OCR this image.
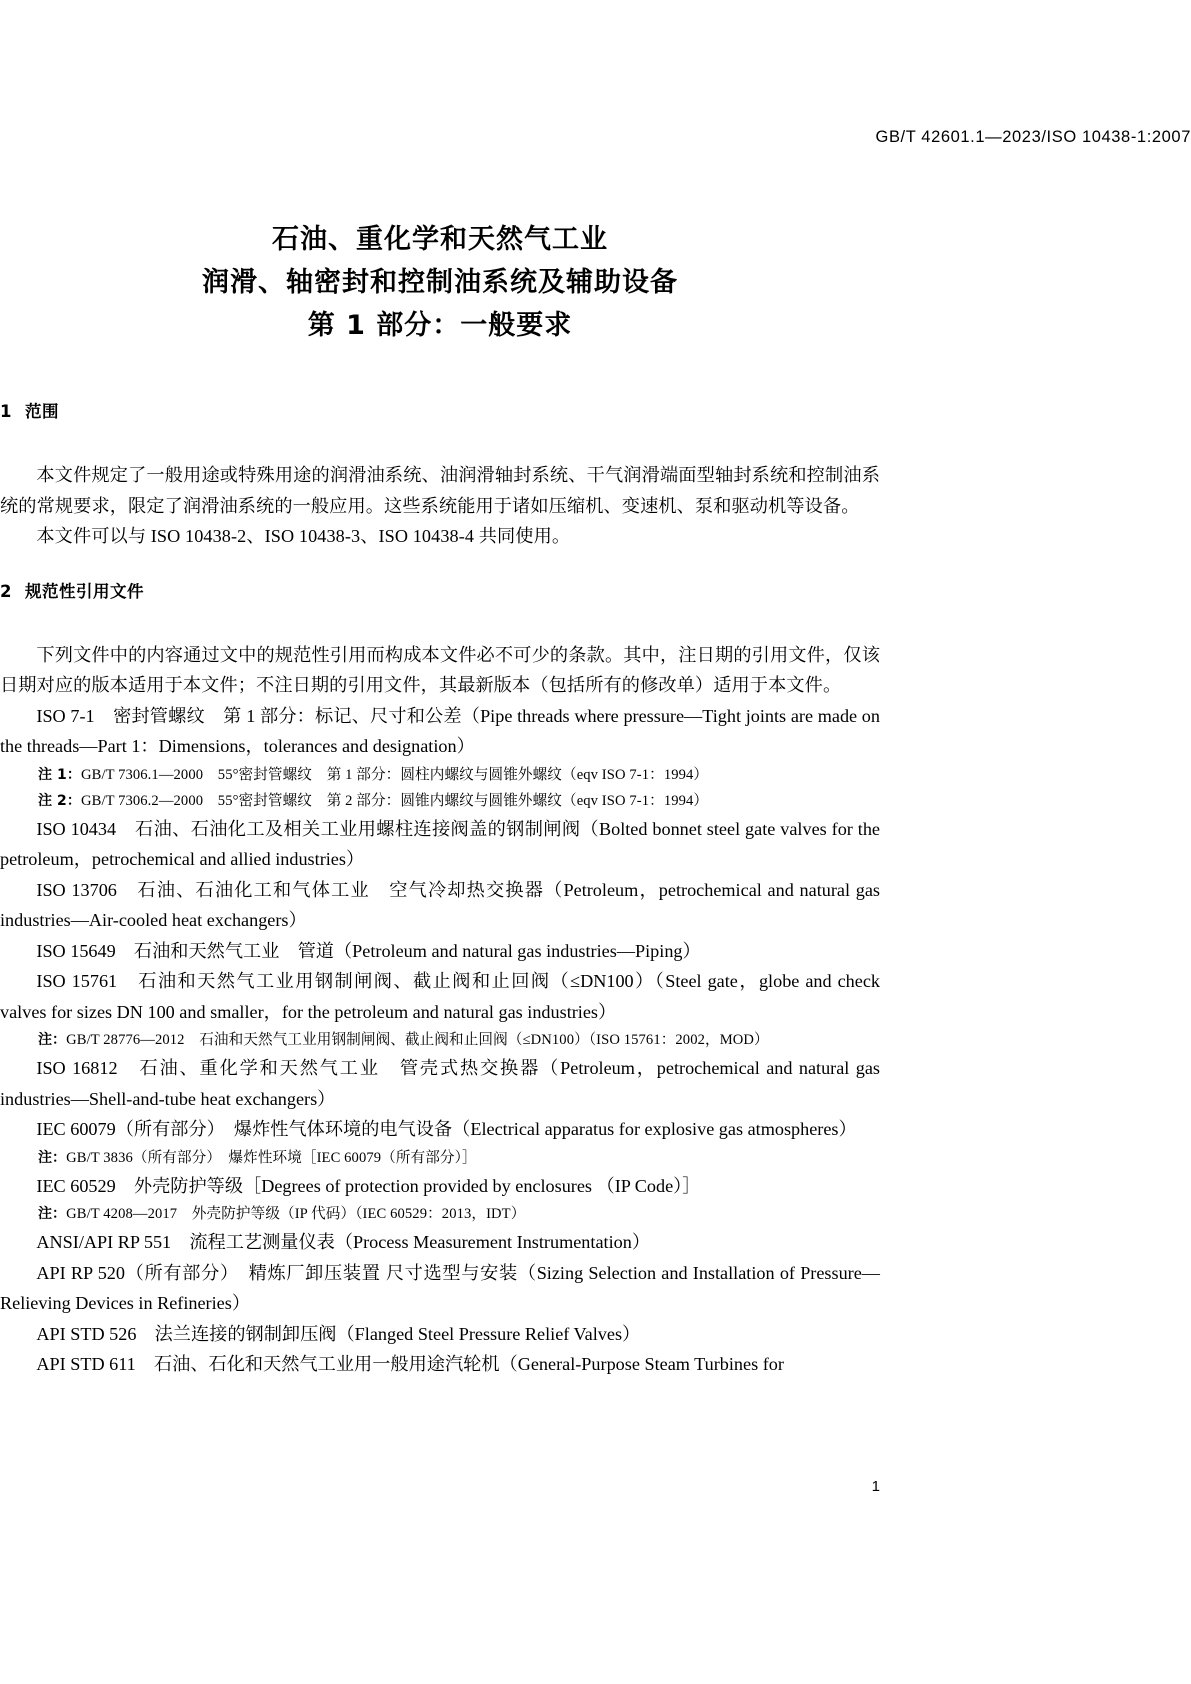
GB/T 42601.1—2023/ISO 10438-1:2007
石油、重化学和天然气工业
润滑、轴密封和控制油系统及辅助设备
第 1 部分：一般要求
1 范围

本文件规定了一般用途或特殊用途的润滑油系统、油润滑轴封系统、干气润滑端面型轴封系统和控制油系统的常规要求，限定了润滑油系统的一般应用。这些系统能用于诸如压缩机、变速机、泵和驱动机等设备。

本文件可以与 ISO 10438-2、ISO 10438-3、ISO 10438-4 共同使用。

2 规范性引用文件

下列文件中的内容通过文中的规范性引用而构成本文件必不可少的条款。其中，注日期的引用文件，仅该日期对应的版本适用于本文件；不注日期的引用文件，其最新版本（包括所有的修改单）适用于本文件。

ISO 7-1　密封管螺纹　第 1 部分：标记、尺寸和公差（Pipe threads where pressure—Tight joints are made on the threads—Part 1：Dimensions，tolerances and designation）

注 1：GB/T 7306.1—2000　55°密封管螺纹　第 1 部分：圆柱内螺纹与圆锥外螺纹（eqv ISO 7-1：1994）

注 2：GB/T 7306.2—2000　55°密封管螺纹　第 2 部分：圆锥内螺纹与圆锥外螺纹（eqv ISO 7-1：1994）

ISO 10434　石油、石油化工及相关工业用螺柱连接阀盖的钢制闸阀（Bolted bonnet steel gate valves for the petroleum，petrochemical and allied industries）

ISO 13706　石油、石油化工和气体工业　空气冷却热交换器（Petroleum，petrochemical and natural gas industries—Air-cooled heat exchangers）

ISO 15649　石油和天然气工业　管道（Petroleum and natural gas industries—Piping）

ISO 15761　石油和天然气工业用钢制闸阀、截止阀和止回阀（≤DN100）（Steel gate，globe and check valves for sizes DN 100 and smaller，for the petroleum and natural gas industries）

注：GB/T 28776—2012　石油和天然气工业用钢制闸阀、截止阀和止回阀（≤DN100）（ISO 15761：2002，MOD）

ISO 16812　石油、重化学和天然气工业　管壳式热交换器（Petroleum，petrochemical and natural gas industries—Shell-and-tube heat exchangers）

IEC 60079（所有部分）　爆炸性气体环境的电气设备（Electrical apparatus for explosive gas atmospheres）

注：GB/T 3836（所有部分）　爆炸性环境［IEC 60079（所有部分）］

IEC 60529　外壳防护等级［Degrees of protection provided by enclosures （IP Code）］

注：GB/T 4208—2017　外壳防护等级（IP 代码）（IEC 60529：2013，IDT）

ANSI/API RP 551　流程工艺测量仪表（Process Measurement Instrumentation）

API RP 520（所有部分）　精炼厂卸压装置 尺寸选型与安装（Sizing Selection and Installation of Pressure—Relieving Devices in Refineries）

API STD 526　法兰连接的钢制卸压阀（Flanged Steel Pressure Relief Valves）

API STD 611　石油、石化和天然气工业用一般用途汽轮机（General-Purpose Steam Turbines for

1
